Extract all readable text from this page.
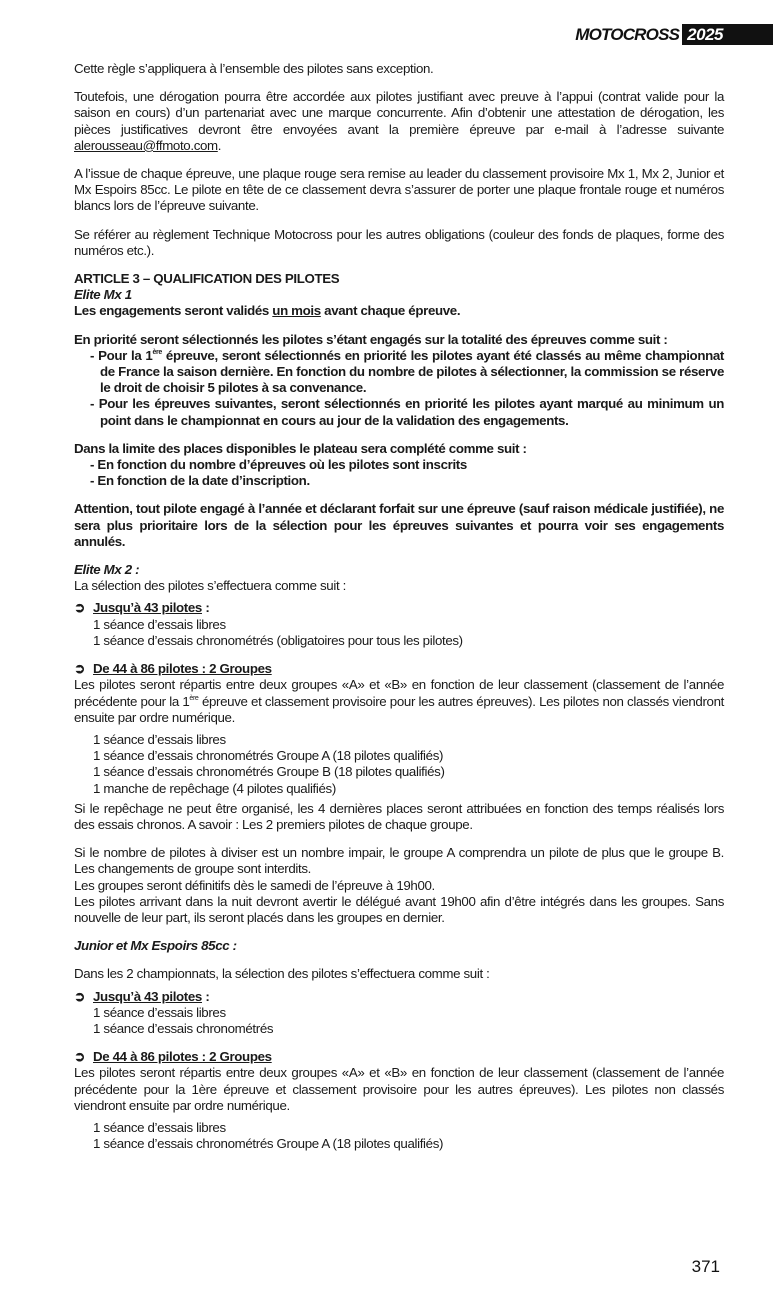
MOTOCROSS 2025

Cette règle s’appliquera à l’ensemble des pilotes sans exception.

Toutefois, une dérogation pourra être accordée aux pilotes justifiant avec preuve à l’appui (contrat valide pour la saison en cours) d’un partenariat avec une marque concurrente. Afin d’obtenir une attestation de dérogation, les pièces justificatives devront être envoyées avant la première épreuve par e-mail à l’adresse suivante alerousseau@ffmoto.com.

A l’issue de chaque épreuve, une plaque rouge sera remise au leader du classement provisoire Mx 1, Mx 2, Junior et Mx Espoirs 85cc. Le pilote en tête de ce classement devra s’assurer de porter une plaque frontale rouge et numéros blancs lors de l’épreuve suivante.

Se référer au règlement Technique Motocross pour les autres obligations (couleur des fonds de plaques, forme des numéros etc.).

ARTICLE 3 – QUALIFICATION DES PILOTES

Elite Mx 1

Les engagements seront validés un mois avant chaque épreuve.

En priorité seront sélectionnés les pilotes s’étant engagés sur la totalité des épreuves comme suit :

- Pour la 1ère épreuve, seront sélectionnés en priorité les pilotes ayant été classés au même championnat de France la saison dernière. En fonction du nombre de pilotes à sélectionner, la commission se réserve le droit de choisir 5 pilotes à sa convenance.

- Pour les épreuves suivantes, seront sélectionnés en priorité les pilotes ayant marqué au minimum un point dans le championnat en cours au jour de la validation des engagements.

Dans la limite des places disponibles le plateau sera complété comme suit :

- En fonction du nombre d’épreuves où les pilotes sont inscrits

- En fonction de la date d’inscription.

Attention, tout pilote engagé à l’année et déclarant forfait sur une épreuve (sauf raison médicale justifiée), ne sera plus prioritaire lors de la sélection pour les épreuves suivantes et pourra voir ses engagements annulés.

Elite Mx 2 :

La sélection des pilotes s’effectuera comme suit :

➲ Jusqu’à 43 pilotes :

1 séance d’essais libres
1 séance d’essais chronométrés (obligatoires pour tous les pilotes)

➲ De 44 à 86 pilotes : 2 Groupes

Les pilotes seront répartis entre deux groupes «A» et «B» en fonction de leur classement (classement de l’année précédente pour la 1ère épreuve et classement provisoire pour les autres épreuves). Les pilotes non classés viendront ensuite par ordre numérique.

1 séance d’essais libres
1 séance d’essais chronométrés Groupe A (18 pilotes qualifiés)
1 séance d’essais chronométrés Groupe B (18 pilotes qualifiés)
1 manche de repêchage (4 pilotes qualifiés)

Si le repêchage ne peut être organisé, les 4 dernières places seront attribuées en fonction des temps réalisés lors des essais chronos. A savoir : Les 2 premiers pilotes de chaque groupe.

Si le nombre de pilotes à diviser est un nombre impair, le groupe A comprendra un pilote de plus que le groupe B. Les changements de groupe sont interdits.

Les groupes seront définitifs dès le samedi de l’épreuve à 19h00.

Les pilotes arrivant dans la nuit devront avertir le délégué avant 19h00 afin d’être intégrés dans les groupes. Sans nouvelle de leur part, ils seront placés dans les groupes en dernier.

Junior et Mx Espoirs 85cc :

Dans les 2 championnats, la sélection des pilotes s’effectuera comme suit :

➲ Jusqu’à 43 pilotes :

1 séance d’essais libres
1 séance d’essais chronométrés

➲ De 44 à 86 pilotes : 2 Groupes

Les pilotes seront répartis entre deux groupes «A» et «B» en fonction de leur classement (classement de l’année précédente pour la 1ère épreuve et classement provisoire pour les autres épreuves). Les pilotes non classés viendront ensuite par ordre numérique.

1 séance d’essais libres
1 séance d’essais chronométrés Groupe A (18 pilotes qualifiés)
371
